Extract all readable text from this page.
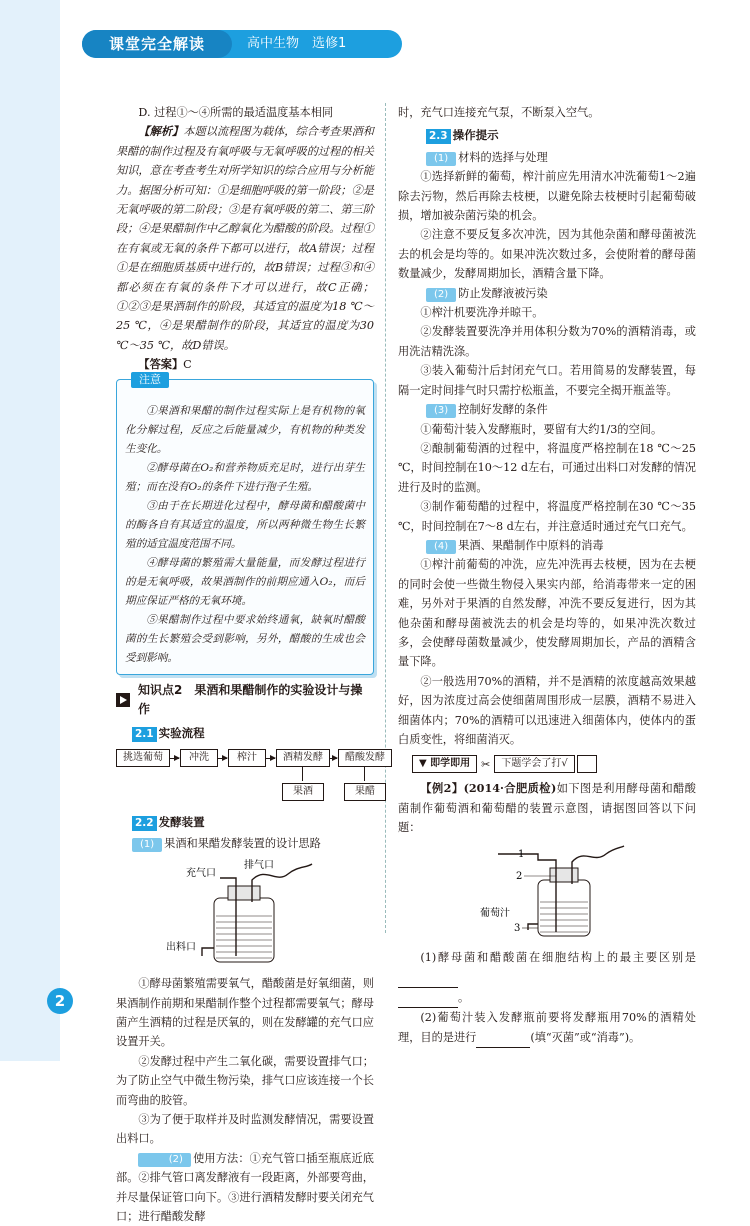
课堂完全解读	高中生物　选修1

D. 过程①～④所需的最适温度基本相同

【解析】本题以流程图为载体，综合考查果酒和果醋的制作过程及有氧呼吸与无氧呼吸的过程的相关知识，意在考查考生对所学知识的综合应用与分析能力。据图分析可知：①是细胞呼吸的第一阶段；②是无氧呼吸的第二阶段；③是有氧呼吸的第二、第三阶段；④是果醋制作中乙醇氧化为醋酸的阶段。过程①在有氧或无氧的条件下都可以进行，故A错误；过程①是在细胞质基质中进行的，故B错误；过程③和④都必须在有氧的条件下才可以进行，故C正确；①②③是果酒制作的阶段，其适宜的温度为18 ℃～25 ℃，④是果醋制作的阶段，其适宜的温度为30 ℃～35 ℃，故D错误。

【答案】C

注意

①果酒和果醋的制作过程实际上是有机物的氧化分解过程，反应之后能量减少，有机物的种类发生变化。

②酵母菌在O₂和营养物质充足时，进行出芽生殖；而在没有O₂的条件下进行孢子生殖。

③由于在长期进化过程中，酵母菌和醋酸菌中的酶各自有其适宜的温度，所以两种微生物生长繁殖的适宜温度范围不同。

④酵母菌的繁殖需大量能量，而发酵过程进行的是无氧呼吸，故果酒制作的前期应通入O₂，而后期应保证严格的无氧环境。

⑤果醋制作过程中要求始终通氧，缺氧时醋酸菌的生长繁殖会受到影响，另外，醋酸的生成也会受到影响。

知识点2　果酒和果醋制作的实验设计与操作
2.1 实验流程
挑选葡萄	冲洗	榨汁	酒精发酵	醋酸发酵
果酒	果醋
2.2 发酵装置

(1) 果酒和果醋发酵装置的设计思路

充气口
排气口
出料口

①酵母菌繁殖需要氧气，醋酸菌是好氧细菌，则果酒制作前期和果醋制作整个过程都需要氧气；酵母菌产生酒精的过程是厌氧的，则在发酵罐的充气口应设置开关。

②发酵过程中产生二氧化碳，需要设置排气口；为了防止空气中微生物污染，排气口应该连接一个长而弯曲的胶管。

③为了便于取样并及时监测发酵情况，需要设置出料口。

(2) 使用方法：①充气管口插至瓶底近底部。②排气管口离发酵液有一段距离，外部要弯曲，并尽量保证管口向下。③进行酒精发酵时要关闭充气口；进行醋酸发酵

时，充气口连接充气泵，不断泵入空气。

2.3 操作提示

(1) 材料的选择与处理

①选择新鲜的葡萄，榨汁前应先用清水冲洗葡萄1～2遍除去污物，然后再除去枝梗，以避免除去枝梗时引起葡萄破损，增加被杂菌污染的机会。

②注意不要反复多次冲洗，因为其他杂菌和酵母菌被洗去的机会是均等的。如果冲洗次数过多，会使附着的酵母菌数量减少，发酵周期加长，酒精含量下降。

(2) 防止发酵液被污染

①榨汁机要洗净并晾干。

②发酵装置要洗净并用体积分数为70%的酒精消毒，或用洗洁精洗涤。

③装入葡萄汁后封闭充气口。若用简易的发酵装置，每隔一定时间排气时只需拧松瓶盖，不要完全揭开瓶盖等。

(3) 控制好发酵的条件

①葡萄汁装入发酵瓶时，要留有大约1/3的空间。

②酿制葡萄酒的过程中，将温度严格控制在18 ℃～25 ℃，时间控制在10～12 d左右，可通过出料口对发酵的情况进行及时的监测。

③制作葡萄醋的过程中，将温度严格控制在30 ℃～35 ℃，时间控制在7～8 d左右，并注意适时通过充气口充气。

(4) 果酒、果醋制作中原料的消毒

①榨汁前葡萄的冲洗，应先冲洗再去枝梗，因为在去梗的同时会使一些微生物侵入果实内部，给消毒带来一定的困难，另外对于果酒的自然发酵，冲洗不要反复进行，因为其他杂菌和酵母菌被洗去的机会是均等的，如果冲洗次数过多，会使酵母菌数量减少，使发酵周期加长，产品的酒精含量下降。

②一般选用70%的酒精，并不是酒精的浓度越高效果越好，因为浓度过高会使细菌周围形成一层膜，酒精不易进入细菌体内；70%的酒精可以迅速进入细菌体内，使体内的蛋白质变性，将细菌消灭。

▼ 即学即用	✂	下题学会了打√

【例2】(2014·合肥质检)如下图是利用酵母菌和醋酸菌制作葡萄酒和葡萄醋的装置示意图，请据图回答以下问题：

1
2
3
葡萄汁

(1)酵母菌和醋酸菌在细胞结构上的最主要区别是

。

(2)葡萄汁装入发酵瓶前要将发酵瓶用70%的酒精处理，目的是进行	(填“灭菌”或“消毒”)。

2
